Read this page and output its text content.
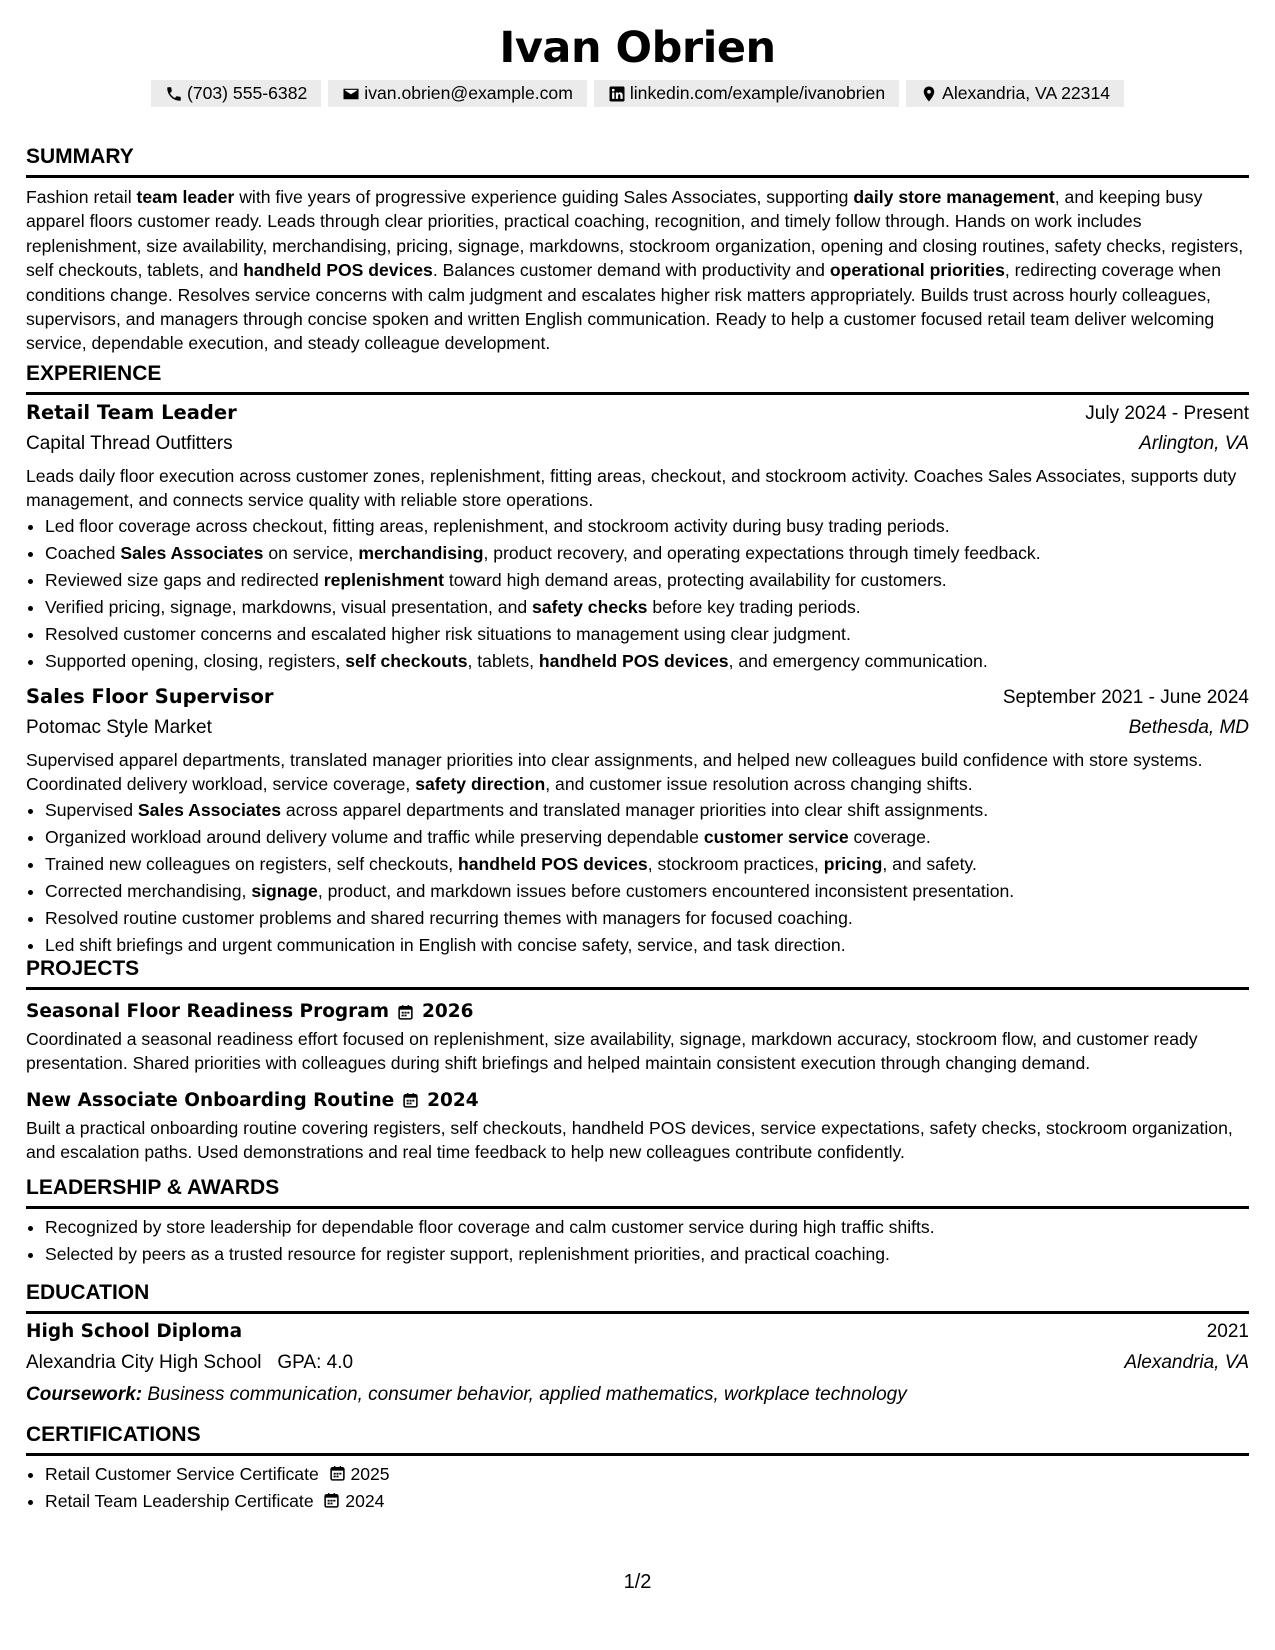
Ivan Obrien
(703) 555-6382	ivan.obrien@example.com	linkedin.com/example/ivanobrien	Alexandria, VA 22314
SUMMARY

Fashion retail team leader with five years of progressive experience guiding Sales Associates, supporting daily store management, and keeping busy apparel floors customer ready. Leads through clear priorities, practical coaching, recognition, and timely follow through. Hands on work includes replenishment, size availability, merchandising, pricing, signage, markdowns, stockroom organization, opening and closing routines, safety checks, registers, self checkouts, tablets, and handheld POS devices. Balances customer demand with productivity and operational priorities, redirecting coverage when conditions change. Resolves service concerns with calm judgment and escalates higher risk matters appropriately. Builds trust across hourly colleagues, supervisors, and managers through concise spoken and written English communication. Ready to help a customer focused retail team deliver welcoming service, dependable execution, and steady colleague development.

EXPERIENCE
Retail Team Leader	July 2024 - Present
Capital Thread Outfitters	Arlington, VA

Leads daily floor execution across customer zones, replenishment, fitting areas, checkout, and stockroom activity. Coaches Sales Associates, supports duty management, and connects service quality with reliable store operations.

• Led floor coverage across checkout, fitting areas, replenishment, and stockroom activity during busy trading periods.
• Coached Sales Associates on service, merchandising, product recovery, and operating expectations through timely feedback.
• Reviewed size gaps and redirected replenishment toward high demand areas, protecting availability for customers.
• Verified pricing, signage, markdowns, visual presentation, and safety checks before key trading periods.
• Resolved customer concerns and escalated higher risk situations to management using clear judgment.
• Supported opening, closing, registers, self checkouts, tablets, handheld POS devices, and emergency communication.
Sales Floor Supervisor	September 2021 - June 2024
Potomac Style Market	Bethesda, MD

Supervised apparel departments, translated manager priorities into clear assignments, and helped new colleagues build confidence with store systems. Coordinated delivery workload, service coverage, safety direction, and customer issue resolution across changing shifts.

• Supervised Sales Associates across apparel departments and translated manager priorities into clear shift assignments.
• Organized workload around delivery volume and traffic while preserving dependable customer service coverage.
• Trained new colleagues on registers, self checkouts, handheld POS devices, stockroom practices, pricing, and safety.
• Corrected merchandising, signage, product, and markdown issues before customers encountered inconsistent presentation.
• Resolved routine customer problems and shared recurring themes with managers for focused coaching.
• Led shift briefings and urgent communication in English with concise safety, service, and task direction.
PROJECTS
Seasonal Floor Readiness Program 2026

Coordinated a seasonal readiness effort focused on replenishment, size availability, signage, markdown accuracy, stockroom flow, and customer ready presentation. Shared priorities with colleagues during shift briefings and helped maintain consistent execution through changing demand.

New Associate Onboarding Routine 2024

Built a practical onboarding routine covering registers, self checkouts, handheld POS devices, service expectations, safety checks, stockroom organization, and escalation paths. Used demonstrations and real time feedback to help new colleagues contribute confidently.

LEADERSHIP & AWARDS
• Recognized by store leadership for dependable floor coverage and calm customer service during high traffic shifts.
• Selected by peers as a trusted resource for register support, replenishment priorities, and practical coaching.
EDUCATION
High School Diploma	2021
Alexandria City High School GPA: 4.0	Alexandria, VA
Coursework: Business communication, consumer behavior, applied mathematics, workplace technology
CERTIFICATIONS
• Retail Customer Service Certificate 2025
• Retail Team Leadership Certificate 2024
1/2
